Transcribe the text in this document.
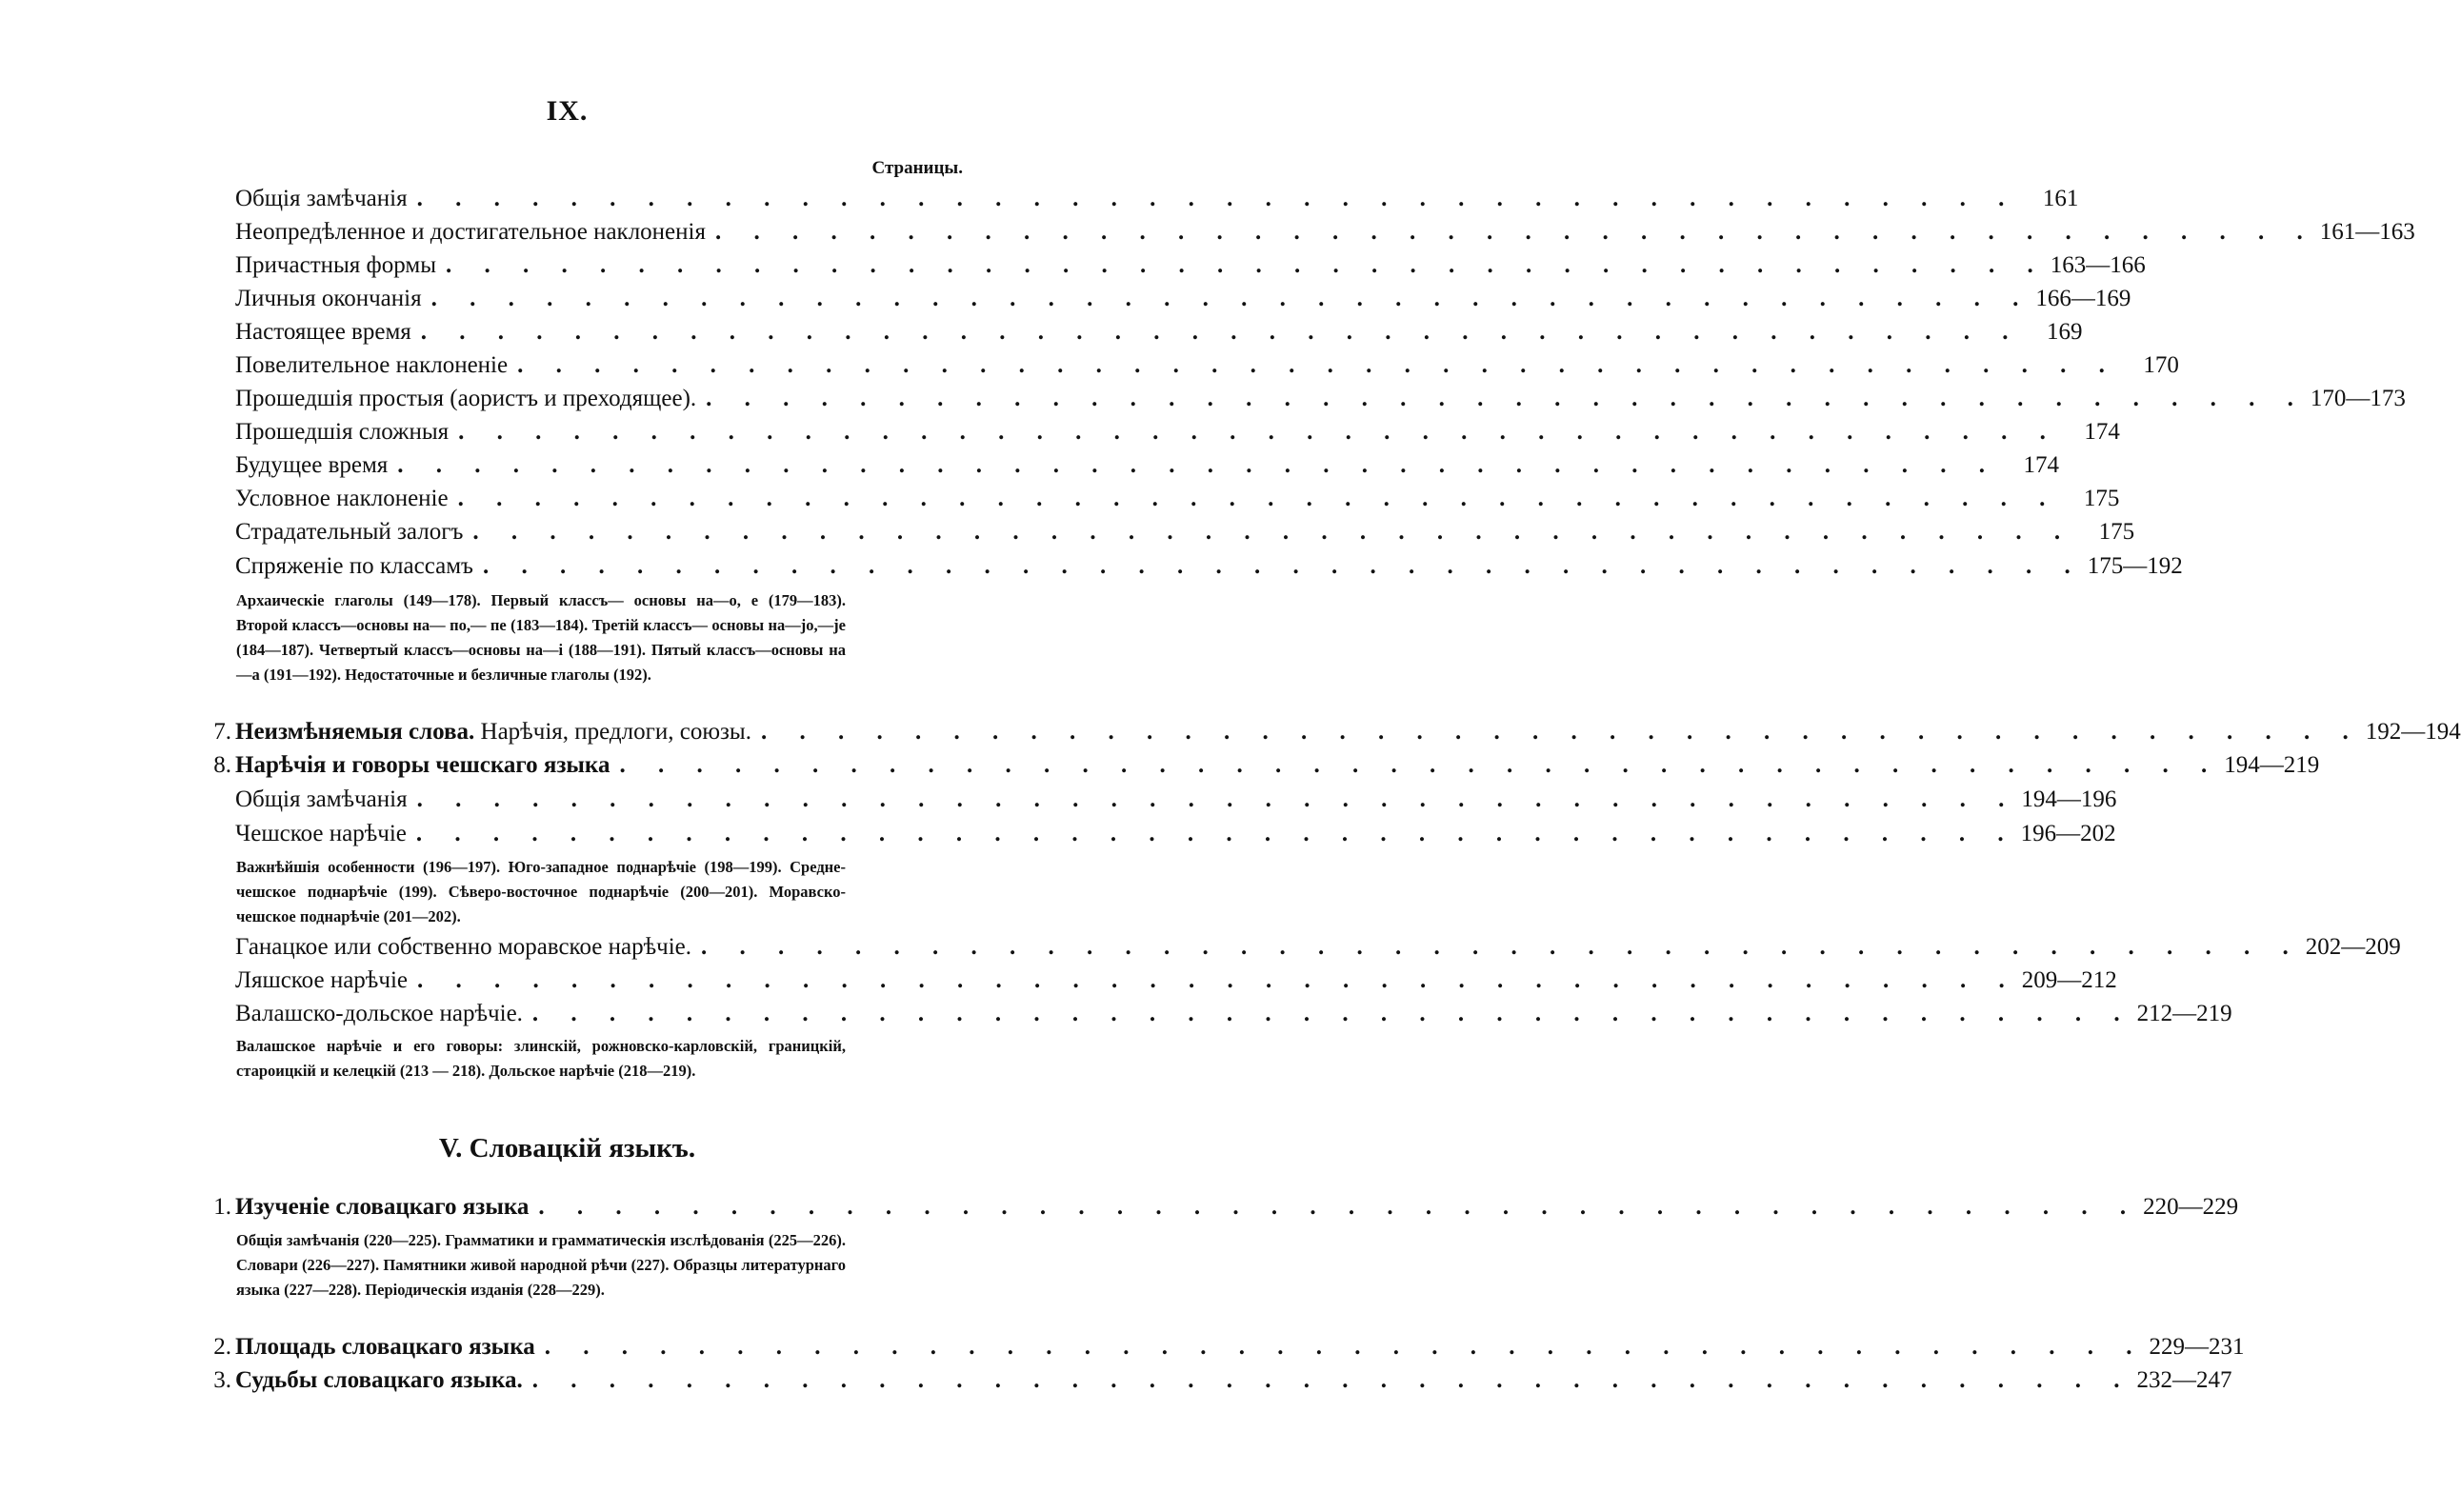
IX.
Страницы.
Общія замѣчанія . . . . . . . . . . . . . . . . . . . . . . . . . . . . . . . . . . . . . . . . . .	161
Неопредѣленное и достигательное наклоненія . . . . . . . . . . . . . . . . . . . . . . . . . . . . . . . . . . . . . . . . . . 161—163
Причастныя формы . . . . . . . . . . . . . . . . . . . . . . . . . . . . . . . . . . . . . . . . . . 163—166
Личныя окончанія . . . . . . . . . . . . . . . . . . . . . . . . . . . . . . . . . . . . . . . . . . 166—169
Настоящее время . . . . . . . . . . . . . . . . . . . . . . . . . . . . . . . . . . . . . . . . . .	169
Повелительное наклоненіе . . . . . . . . . . . . . . . . . . . . . . . . . . . . . . . . . . . . . . . . . .	170
Прошедшія простыя (аористъ и преходящее). . . . . . . . . . . . . . . . . . . . . . . . . . . . . . . . . . . . . . . . . . . 170—173
Прошедшія сложныя . . . . . . . . . . . . . . . . . . . . . . . . . . . . . . . . . . . . . . . . . .	174
Будущее время . . . . . . . . . . . . . . . . . . . . . . . . . . . . . . . . . . . . . . . . . .	174
Условное наклоненіе . . . . . . . . . . . . . . . . . . . . . . . . . . . . . . . . . . . . . . . . . .	175
Страдательный залогъ . . . . . . . . . . . . . . . . . . . . . . . . . . . . . . . . . . . . . . . . . .	175
Спряженіе по классамъ . . . . . . . . . . . . . . . . . . . . . . . . . . . . . . . . . . . . . . . . . . 175—192
Архаическіе глаголы (149—178). Первый классъ— основы на—о, е (179—183). Второй классъ—основы на— по,— пе (183—184). Третій классъ— основы на—јо,—је (184—187). Четвертый классъ—основы на—і (188—191). Пятый классъ—основы на—а (191—192). Недостаточные и безличные глаголы (192).
7. Неизмѣняемыя слова. Нарѣчія, предлоги, союзы. . . . . . . . . . . . . . . . . . . . . . . . . . . . . . . . . . . . . . . . . . . 192—194
8. Нарѣчія и говоры чешскаго языка . . . . . . . . . . . . . . . . . . . . . . . . . . . . . . . . . . . . . . . . . . 194—219
Общія замѣчанія . . . . . . . . . . . . . . . . . . . . . . . . . . . . . . . . . . . . . . . . . . 194—196
Чешское нарѣчіе . . . . . . . . . . . . . . . . . . . . . . . . . . . . . . . . . . . . . . . . . . 196—202
Важнѣйшія особенности (196—197). Юго-западное поднарѣчіе (198—199). Средне-чешское поднарѣчіе (199). Сѣверо-восточное поднарѣчіе (200—201). Моравско-чешское поднарѣчіе (201—202).
Ганацкое или собственно моравское нарѣчіе. . . . . . . . . . . . . . . . . . . . . . . . . . . . . . . . . . . . . . . . . . . 202—209
Ляшское нарѣчіе . . . . . . . . . . . . . . . . . . . . . . . . . . . . . . . . . . . . . . . . . . 209—212
Валашско-дольское нарѣчіе. . . . . . . . . . . . . . . . . . . . . . . . . . . . . . . . . . . . . . . . . . . 212—219
Валашское нарѣчіе и его говоры: злинскій, рожновско-карловскій, границкій, староицкій и келецкій (213 — 218). Дольское нарѣчіе (218—219).
V. Словацкій языкъ.
1. Изученіе словацкаго языка . . . . . . . . . . . . . . . . . . . . . . . . . . . . . . . . . . . . . . . . . . 220—229
Общія замѣчанія (220—225). Грамматики и грамматическія изслѣдованія (225—226). Словари (226—227). Памятники живой народной рѣчи (227). Образцы литературнаго языка (227—228). Періодическія изданія (228—229).
2. Площадь словацкаго языка . . . . . . . . . . . . . . . . . . . . . . . . . . . . . . . . . . . . . . . . . . 229—231
3. Судьбы словацкаго языка. . . . . . . . . . . . . . . . . . . . . . . . . . . . . . . . . . . . . . . . . . . 232—247
